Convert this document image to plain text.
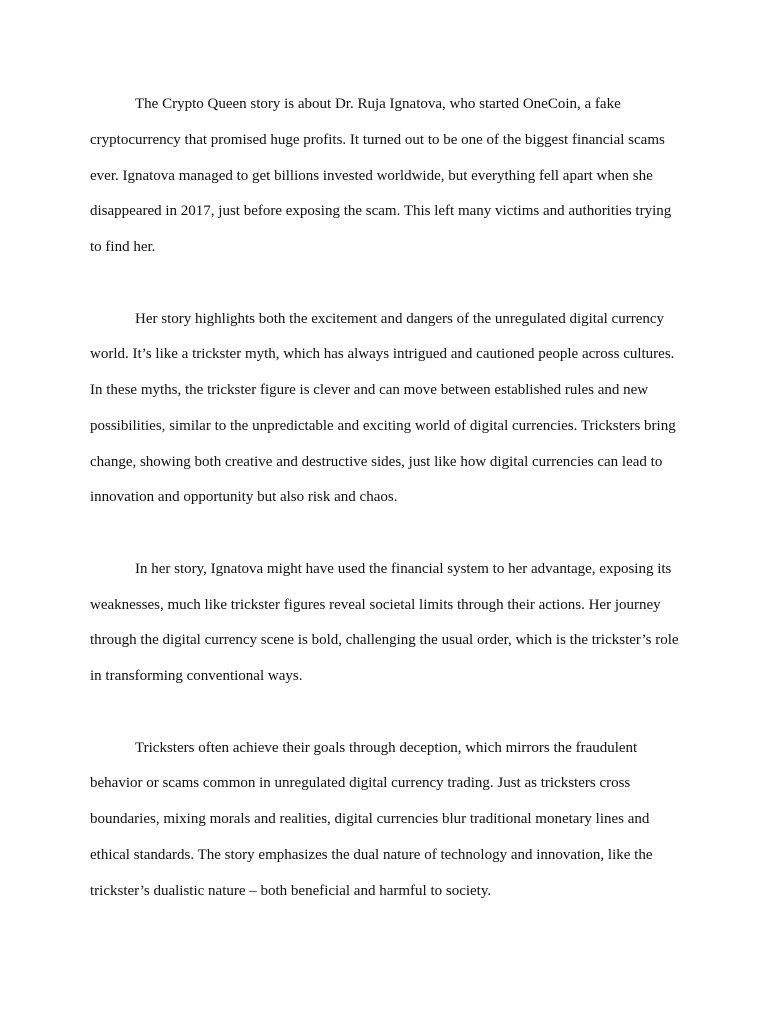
The Crypto Queen story is about Dr. Ruja Ignatova, who started OneCoin, a fake cryptocurrency that promised huge profits. It turned out to be one of the biggest financial scams ever. Ignatova managed to get billions invested worldwide, but everything fell apart when she disappeared in 2017, just before exposing the scam. This left many victims and authorities trying to find her.

Her story highlights both the excitement and dangers of the unregulated digital currency world. It’s like a trickster myth, which has always intrigued and cautioned people across cultures. In these myths, the trickster figure is clever and can move between established rules and new possibilities, similar to the unpredictable and exciting world of digital currencies. Tricksters bring change, showing both creative and destructive sides, just like how digital currencies can lead to innovation and opportunity but also risk and chaos.

In her story, Ignatova might have used the financial system to her advantage, exposing its weaknesses, much like trickster figures reveal societal limits through their actions. Her journey through the digital currency scene is bold, challenging the usual order, which is the trickster’s role in transforming conventional ways.

Tricksters often achieve their goals through deception, which mirrors the fraudulent behavior or scams common in unregulated digital currency trading. Just as tricksters cross boundaries, mixing morals and realities, digital currencies blur traditional monetary lines and ethical standards. The story emphasizes the dual nature of technology and innovation, like the trickster’s dualistic nature – both beneficial and harmful to society.
